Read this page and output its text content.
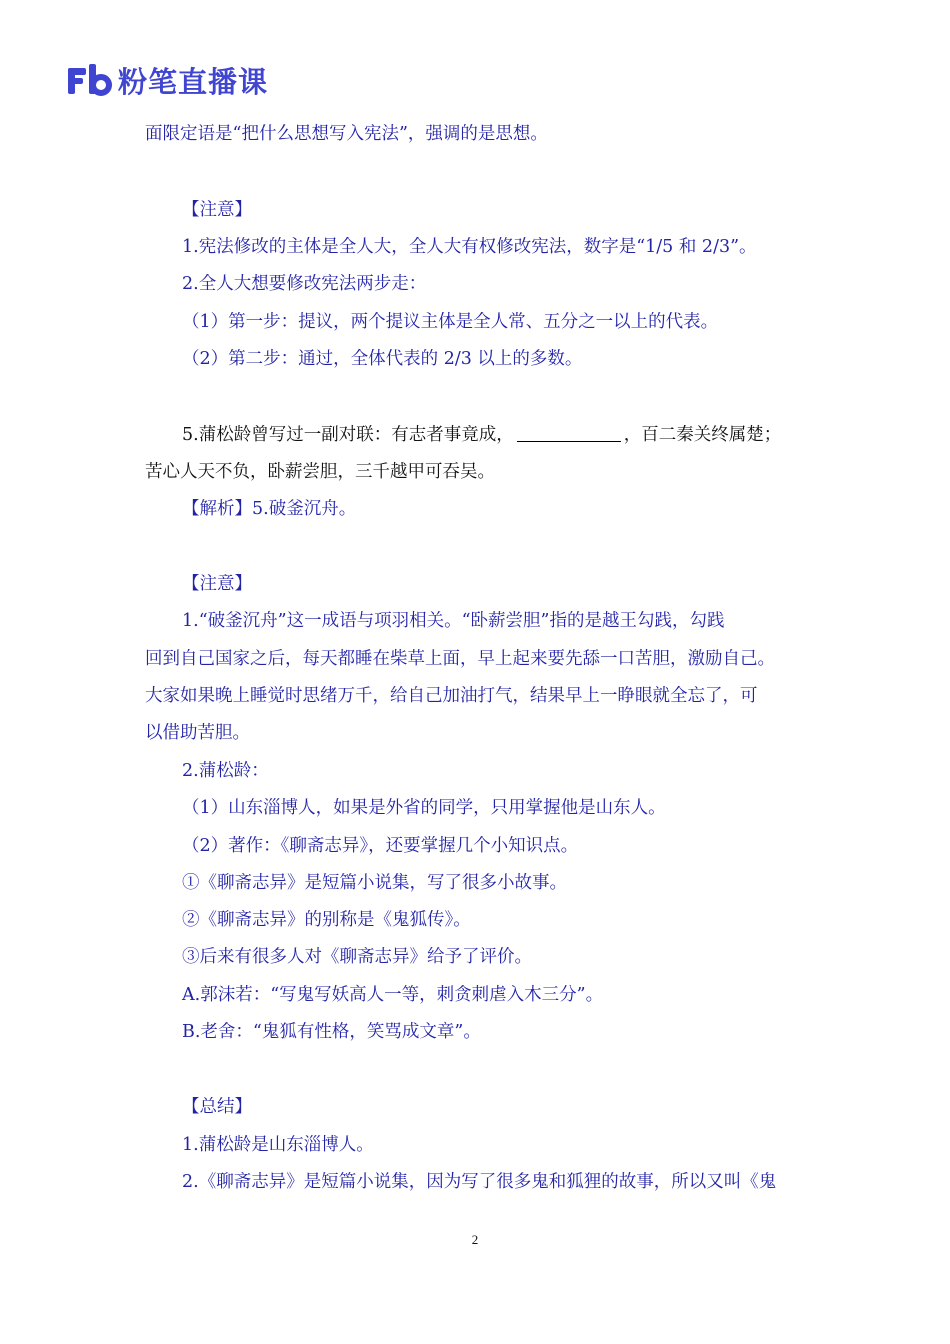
粉笔直播课
面限定语是“把什么思想写入宪法”，强调的是思想。
【注意】
1.宪法修改的主体是全人大，全人大有权修改宪法，数字是“1/5 和 2/3”。
2.全人大想要修改宪法两步走：
（1）第一步：提议，两个提议主体是全人常、五分之一以上的代表。
（2）第二步：通过，全体代表的 2/3 以上的多数。
5.蒲松龄曾写过一副对联：有志者事竟成，	，百二秦关终属楚；
苦心人天不负，卧薪尝胆，三千越甲可吞吴。
【解析】5.破釜沉舟。
【注意】
1.“破釜沉舟”这一成语与项羽相关。“卧薪尝胆”指的是越王勾践，勾践
回到自己国家之后，每天都睡在柴草上面，早上起来要先舔一口苦胆，激励自己。
大家如果晚上睡觉时思绪万千，给自己加油打气，结果早上一睁眼就全忘了，可
以借助苦胆。
2.蒲松龄：
（1）山东淄博人，如果是外省的同学，只用掌握他是山东人。
（2）著作：《聊斋志异》，还要掌握几个小知识点。
①《聊斋志异》是短篇小说集，写了很多小故事。
②《聊斋志异》的别称是《鬼狐传》。
③后来有很多人对《聊斋志异》给予了评价。
A.郭沫若：“写鬼写妖高人一等，刺贪刺虐入木三分”。
B.老舍：“鬼狐有性格，笑骂成文章”。
【总结】
1.蒲松龄是山东淄博人。
2.《聊斋志异》是短篇小说集，因为写了很多鬼和狐狸的故事，所以又叫《鬼
2
